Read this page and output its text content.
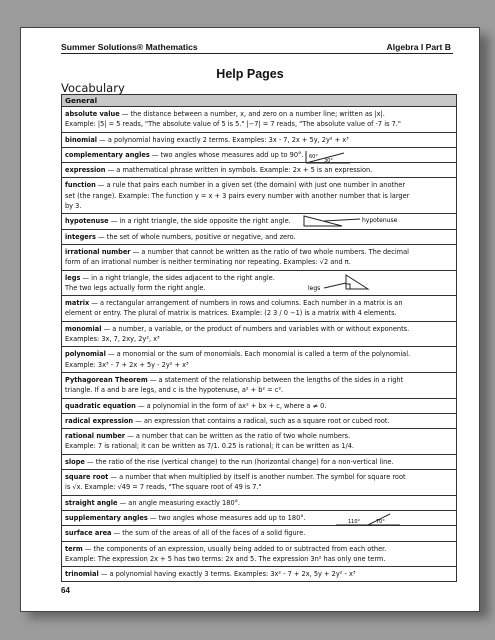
Summer Solutions® Mathematics	Algebra I Part B
Help Pages
Vocabulary
General
absolute value — the distance between a number, x, and zero on a number line; written as |x|.
Example: |5| = 5 reads, "The absolute value of 5 is 5." |−7| = 7 reads, "The absolute value of -7 is 7."
binomial — a polynomial having exactly 2 terms. Examples: 3x - 7, 2x + 5y, 2y² + x³
complementary angles — two angles whose measures add up to 90°.	60°
30°
expression — a mathematical phrase written in symbols. Example: 2x + 5 is an expression.
function — a rule that pairs each number in a given set (the domain) with just one number in another
set (the range). Example: The function y = x + 3 pairs every number with another number that is larger
by 3.
hypotenuse — in a right triangle, the side opposite the right angle.	hypotenuse
integers — the set of whole numbers, positive or negative, and zero.
irrational number — a number that cannot be written as the ratio of two whole numbers. The decimal
form of an irrational number is neither terminating nor repeating. Examples: √2 and π.
legs — in a right triangle, the sides adjacent to the right angle.
The two legs actually form the right angle.	legs
matrix — a rectangular arrangement of numbers in rows and columns. Each number in a matrix is an
element or entry. The plural of matrix is matrices. Example: (2 3 / 0 −1) is a matrix with 4 elements.
monomial — a number, a variable, or the product of numbers and variables with or without exponents.
Examples: 3x, 7, 2xy, 2y², x³
polynomial — a monomial or the sum of monomials. Each monomial is called a term of the polynomial.
Example: 3x³ - 7 + 2x + 5y - 2y² + x³
Pythagorean Theorem — a statement of the relationship between the lengths of the sides in a right
triangle. If a and b are legs, and c is the hypotenuse, a² + b² = c².
quadratic equation — a polynomial in the form of ax² + bx + c, where a ≠ 0.
radical expression — an expression that contains a radical, such as a square root or cubed root.
rational number — a number that can be written as the ratio of two whole numbers.
Example: 7 is rational; it can be written as 7/1. 0.25 is rational; it can be written as 1/4.
slope — the ratio of the rise (vertical change) to the run (horizontal change) for a non-vertical line.
square root — a number that when multiplied by itself is another number. The symbol for square root
is √x. Example: √49 = 7 reads, "The square root of 49 is 7."
straight angle — an angle measuring exactly 180°.
supplementary angles — two angles whose measures add up to 180°.	110°	70°
surface area — the sum of the areas of all of the faces of a solid figure.
term — the components of an expression, usually being added to or subtracted from each other.
Example: The expression 2x + 5 has two terms: 2x and 5. The expression 3n² has only one term.
trinomial — a polynomial having exactly 3 terms. Examples: 3x² - 7 + 2x, 5y + 2y² - x³
64
